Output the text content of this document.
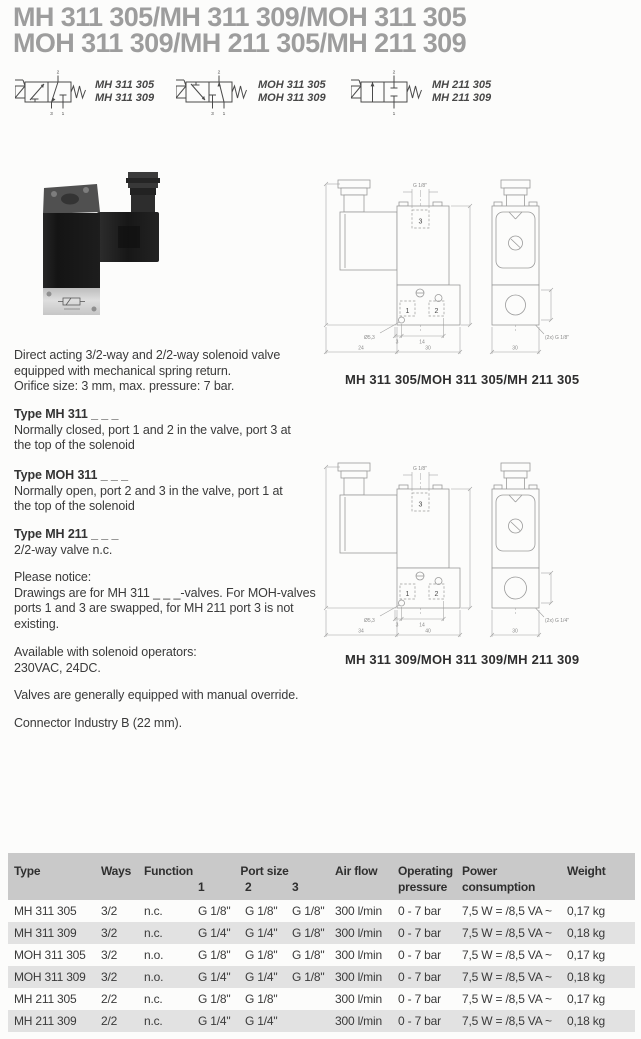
MH 311 305/MH 311 309/MOH 311 305
MOH 311 309/MH 211 305/MH 211 309
2
3 1
MH 311 305
MH 311 309
2
3 1
MOH 311 305
MOH 311 309
2
1
MH 211 305
MH 211 309
3
1	2
G 1/8"
Ø5,3
3	14
24	30	30
(2x) G 1/8"
MH 311 305/MOH 311 305/MH 211 305
3
1	2
G 1/8"
Ø5,3
3	14
34	40	30
(2x) G 1/4"
MH 311 309/MOH 311 309/MH 211 309
Direct acting 3/2-way and 2/2-way solenoid valve
equipped with mechanical spring return.
Orifice size: 3 mm, max. pressure: 7 bar.
Type MH 311 _ _ _
Normally closed, port 1 and 2 in the valve, port 3 at
the top of the solenoid
Type MOH 311 _ _ _
Normally open, port 2 and 3 in the valve, port 1 at
the top of the solenoid
Type MH 211 _ _ _
2/2-way valve n.c.
Please notice:
Drawings are for MH 311 _ _ _-valves. For MOH-valves
ports 1 and 3 are swapped, for MH 211 port 3 is not
existing.
Available with solenoid operators:
230VAC, 24DC.
Valves are generally equipped with manual override.
Connector Industry B (22 mm).
Type	Ways	Function	Port size			Air flow	Operating	Power	Weight
			1	2	3		pressure	consumption	
MH 311 305	3/2	n.c.	G 1/8"	G 1/8"	G 1/8"	300 l/min	0 - 7 bar	7,5 W = /8,5 VA ~	0,17 kg
MH 311 309	3/2	n.c.	G 1/4"	G 1/4"	G 1/8"	300 l/min	0 - 7 bar	7,5 W = /8,5 VA ~	0,18 kg
MOH 311 305	3/2	n.o.	G 1/8"	G 1/8"	G 1/8"	300 l/min	0 - 7 bar	7,5 W = /8,5 VA ~	0,17 kg
MOH 311 309	3/2	n.o.	G 1/4"	G 1/4"	G 1/8"	300 l/min	0 - 7 bar	7,5 W = /8,5 VA ~	0,18 kg
MH 211 305	2/2	n.c.	G 1/8"	G 1/8"		300 l/min	0 - 7 bar	7,5 W = /8,5 VA ~	0,17 kg
MH 211 309	2/2	n.c.	G 1/4"	G 1/4"		300 l/min	0 - 7 bar	7,5 W = /8,5 VA ~	0,18 kg
